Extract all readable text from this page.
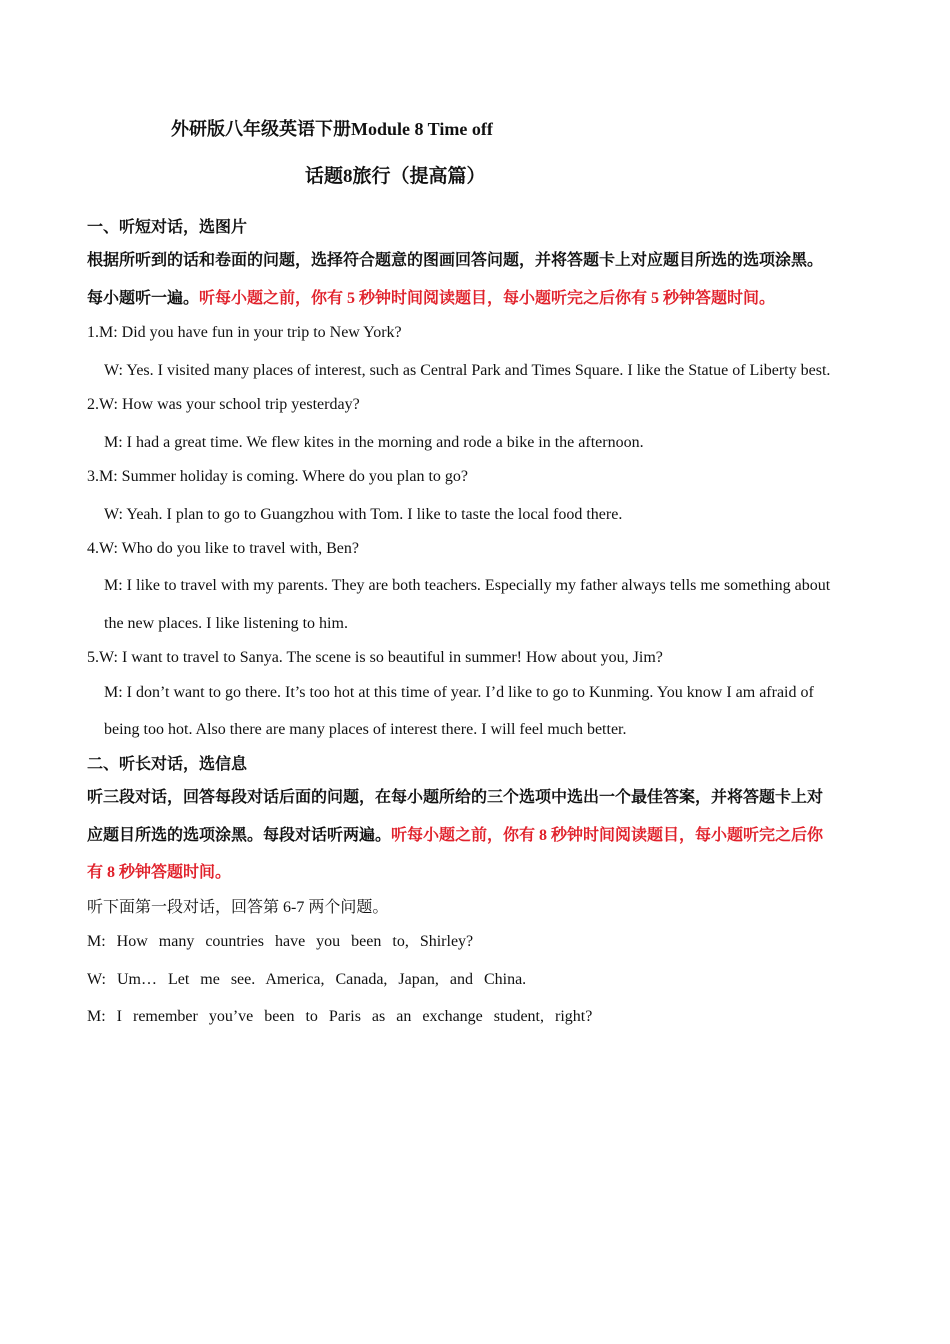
外研版八年级英语下册Module 8 Time off
话题8旅行（提高篇）
一、听短对话，选图片
根据所听到的话和卷面的问题，选择符合题意的图画回答问题，并将答题卡上对应题目所选的选项涂黑。
每小题听一遍。听每小题之前，你有 5 秒钟时间阅读题目，每小题听完之后你有 5 秒钟答题时间。
1.M: Did you have fun in your trip to New York?
W: Yes. I visited many places of interest, such as Central Park and Times Square. I like the Statue of Liberty best.
2.W: How was your school trip yesterday?
M: I had a great time. We flew kites in the morning and rode a bike in the afternoon.
3.M: Summer holiday is coming. Where do you plan to go?
W: Yeah. I plan to go to Guangzhou with Tom. I like to taste the local food there.
4.W: Who do you like to travel with, Ben?
M: I like to travel with my parents. They are both teachers. Especially my father always tells me something about
the new places. I like listening to him.
5.W: I want to travel to Sanya. The scene is so beautiful in summer! How about you, Jim?
M: I don’t want to go there. It’s too hot at this time of year. I’d like to go to Kunming. You know I am afraid of
being too hot. Also there are many places of interest there. I will feel much better.
二、听长对话，选信息
听三段对话，回答每段对话后面的问题，在每小题所给的三个选项中选出一个最佳答案，并将答题卡上对
应题目所选的选项涂黑。每段对话听两遍。听每小题之前，你有 8 秒钟时间阅读题目，每小题听完之后你
有 8 秒钟答题时间。
听下面第一段对话，回答第 6-7 两个问题。
M: How many countries have you been to, Shirley?
W: Um… Let me see. America, Canada, Japan, and China.
M: I remember you’ve been to Paris as an exchange student, right?
